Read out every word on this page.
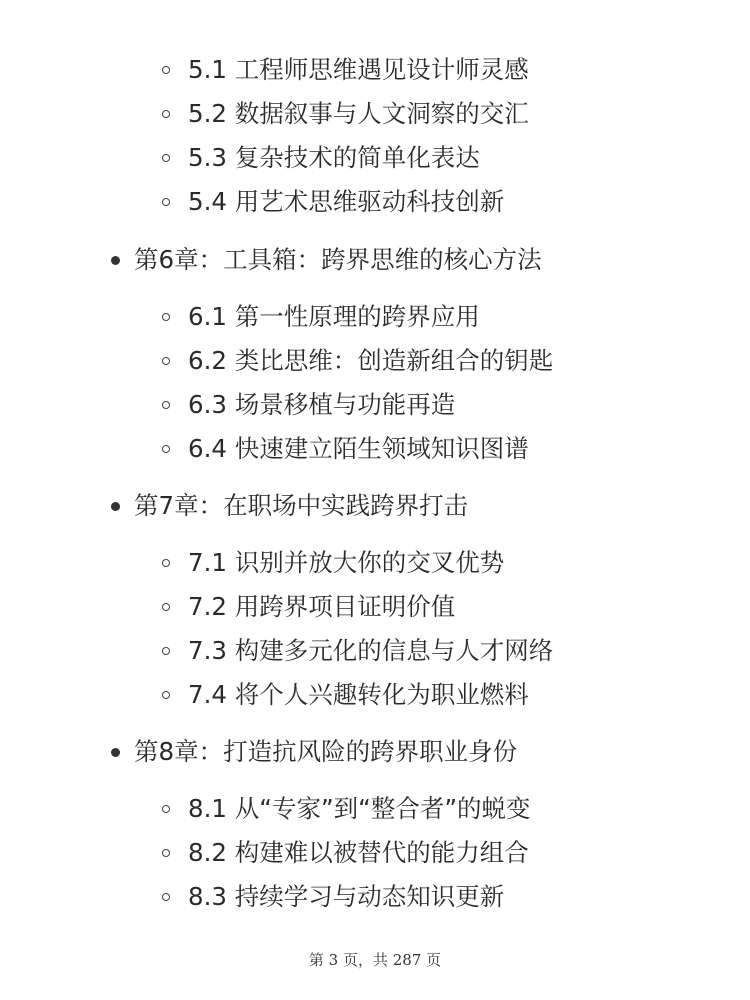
5.1 工程师思维遇见设计师灵感
5.2 数据叙事与人文洞察的交汇
5.3 复杂技术的简单化表达
5.4 用艺术思维驱动科技创新
第6章：工具箱：跨界思维的核心方法
6.1 第一性原理的跨界应用
6.2 类比思维：创造新组合的钥匙
6.3 场景移植与功能再造
6.4 快速建立陌生领域知识图谱
第7章：在职场中实践跨界打击
7.1 识别并放大你的交叉优势
7.2 用跨界项目证明价值
7.3 构建多元化的信息与人才网络
7.4 将个人兴趣转化为职业燃料
第8章：打造抗风险的跨界职业身份
8.1 从“专家”到“整合者”的蜕变
8.2 构建难以被替代的能力组合
8.3 持续学习与动态知识更新
第 3 页，共 287 页
